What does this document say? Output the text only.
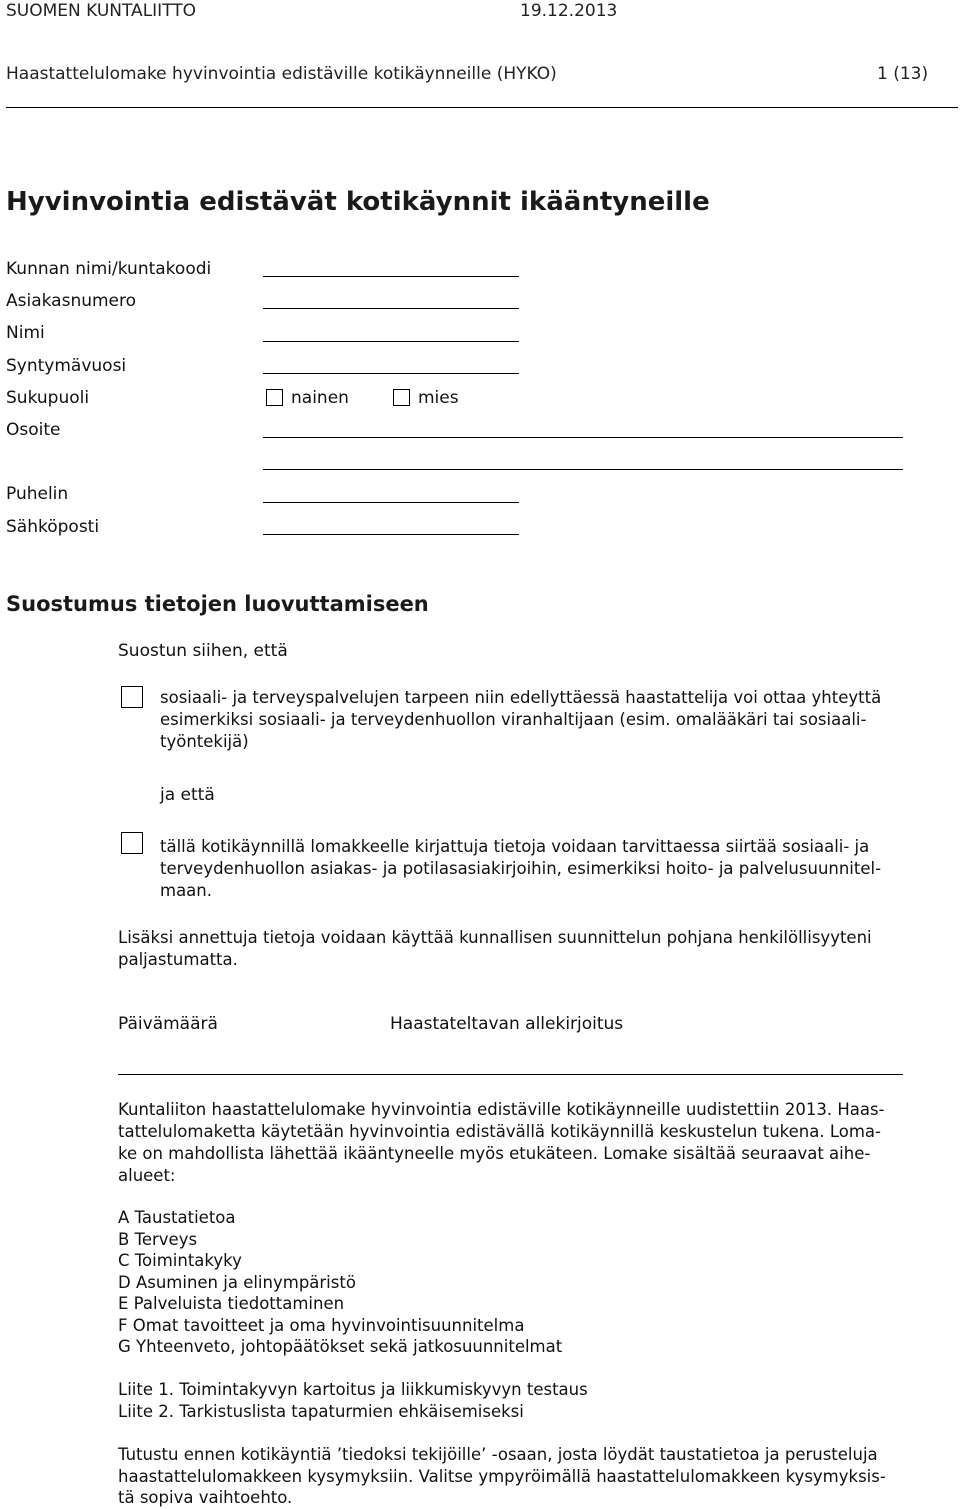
SUOMEN KUNTALIITTO	19.12.2013
Haastattelulomake hyvinvointia edistäville kotikäynneille (HYKO)	1 (13)
Hyvinvointia edistävät kotikäynnit ikääntyneille
Kunnan nimi/kuntakoodi
Asiakasnumero
Nimi
Syntymävuosi
Sukupuoli	nainen	mies
Osoite
Puhelin
Sähköposti
Suostumus tietojen luovuttamiseen
Suostun siihen, että
sosiaali- ja terveyspalvelujen tarpeen niin edellyttäessä haastattelija voi ottaa yhteyttä
esimerkiksi sosiaali- ja terveydenhuollon viranhaltijaan (esim. omalääkäri tai sosiaali-
työntekijä)
ja että
tällä kotikäynnillä lomakkeelle kirjattuja tietoja voidaan tarvittaessa siirtää sosiaali- ja
terveydenhuollon asiakas- ja potilasasiakirjoihin, esimerkiksi hoito- ja palvelusuunnitel-
maan.
Lisäksi annettuja tietoja voidaan käyttää kunnallisen suunnittelun pohjana henkilöllisyyteni
paljastumatta.
Päivämäärä	Haastateltavan allekirjoitus
Kuntaliiton haastattelulomake hyvinvointia edistäville kotikäynneille uudistettiin 2013. Haas-
tattelulomaketta käytetään hyvinvointia edistävällä kotikäynnillä keskustelun tukena. Loma-
ke on mahdollista lähettää ikääntyneelle myös etukäteen. Lomake sisältää seuraavat aihe-
alueet:
A Taustatietoa
B Terveys
C Toimintakyky
D Asuminen ja elinympäristö
E Palveluista tiedottaminen
F Omat tavoitteet ja oma hyvinvointisuunnitelma
G Yhteenveto, johtopäätökset sekä jatkosuunnitelmat
Liite 1. Toimintakyvyn kartoitus ja liikkumiskyvyn testaus
Liite 2. Tarkistuslista tapaturmien ehkäisemiseksi
Tutustu ennen kotikäyntiä ’tiedoksi tekijöille’ -osaan, josta löydät taustatietoa ja perusteluja
haastattelulomakkeen kysymyksiin. Valitse ympyröimällä haastattelulomakkeen kysymyksis-
tä sopiva vaihtoehto.
